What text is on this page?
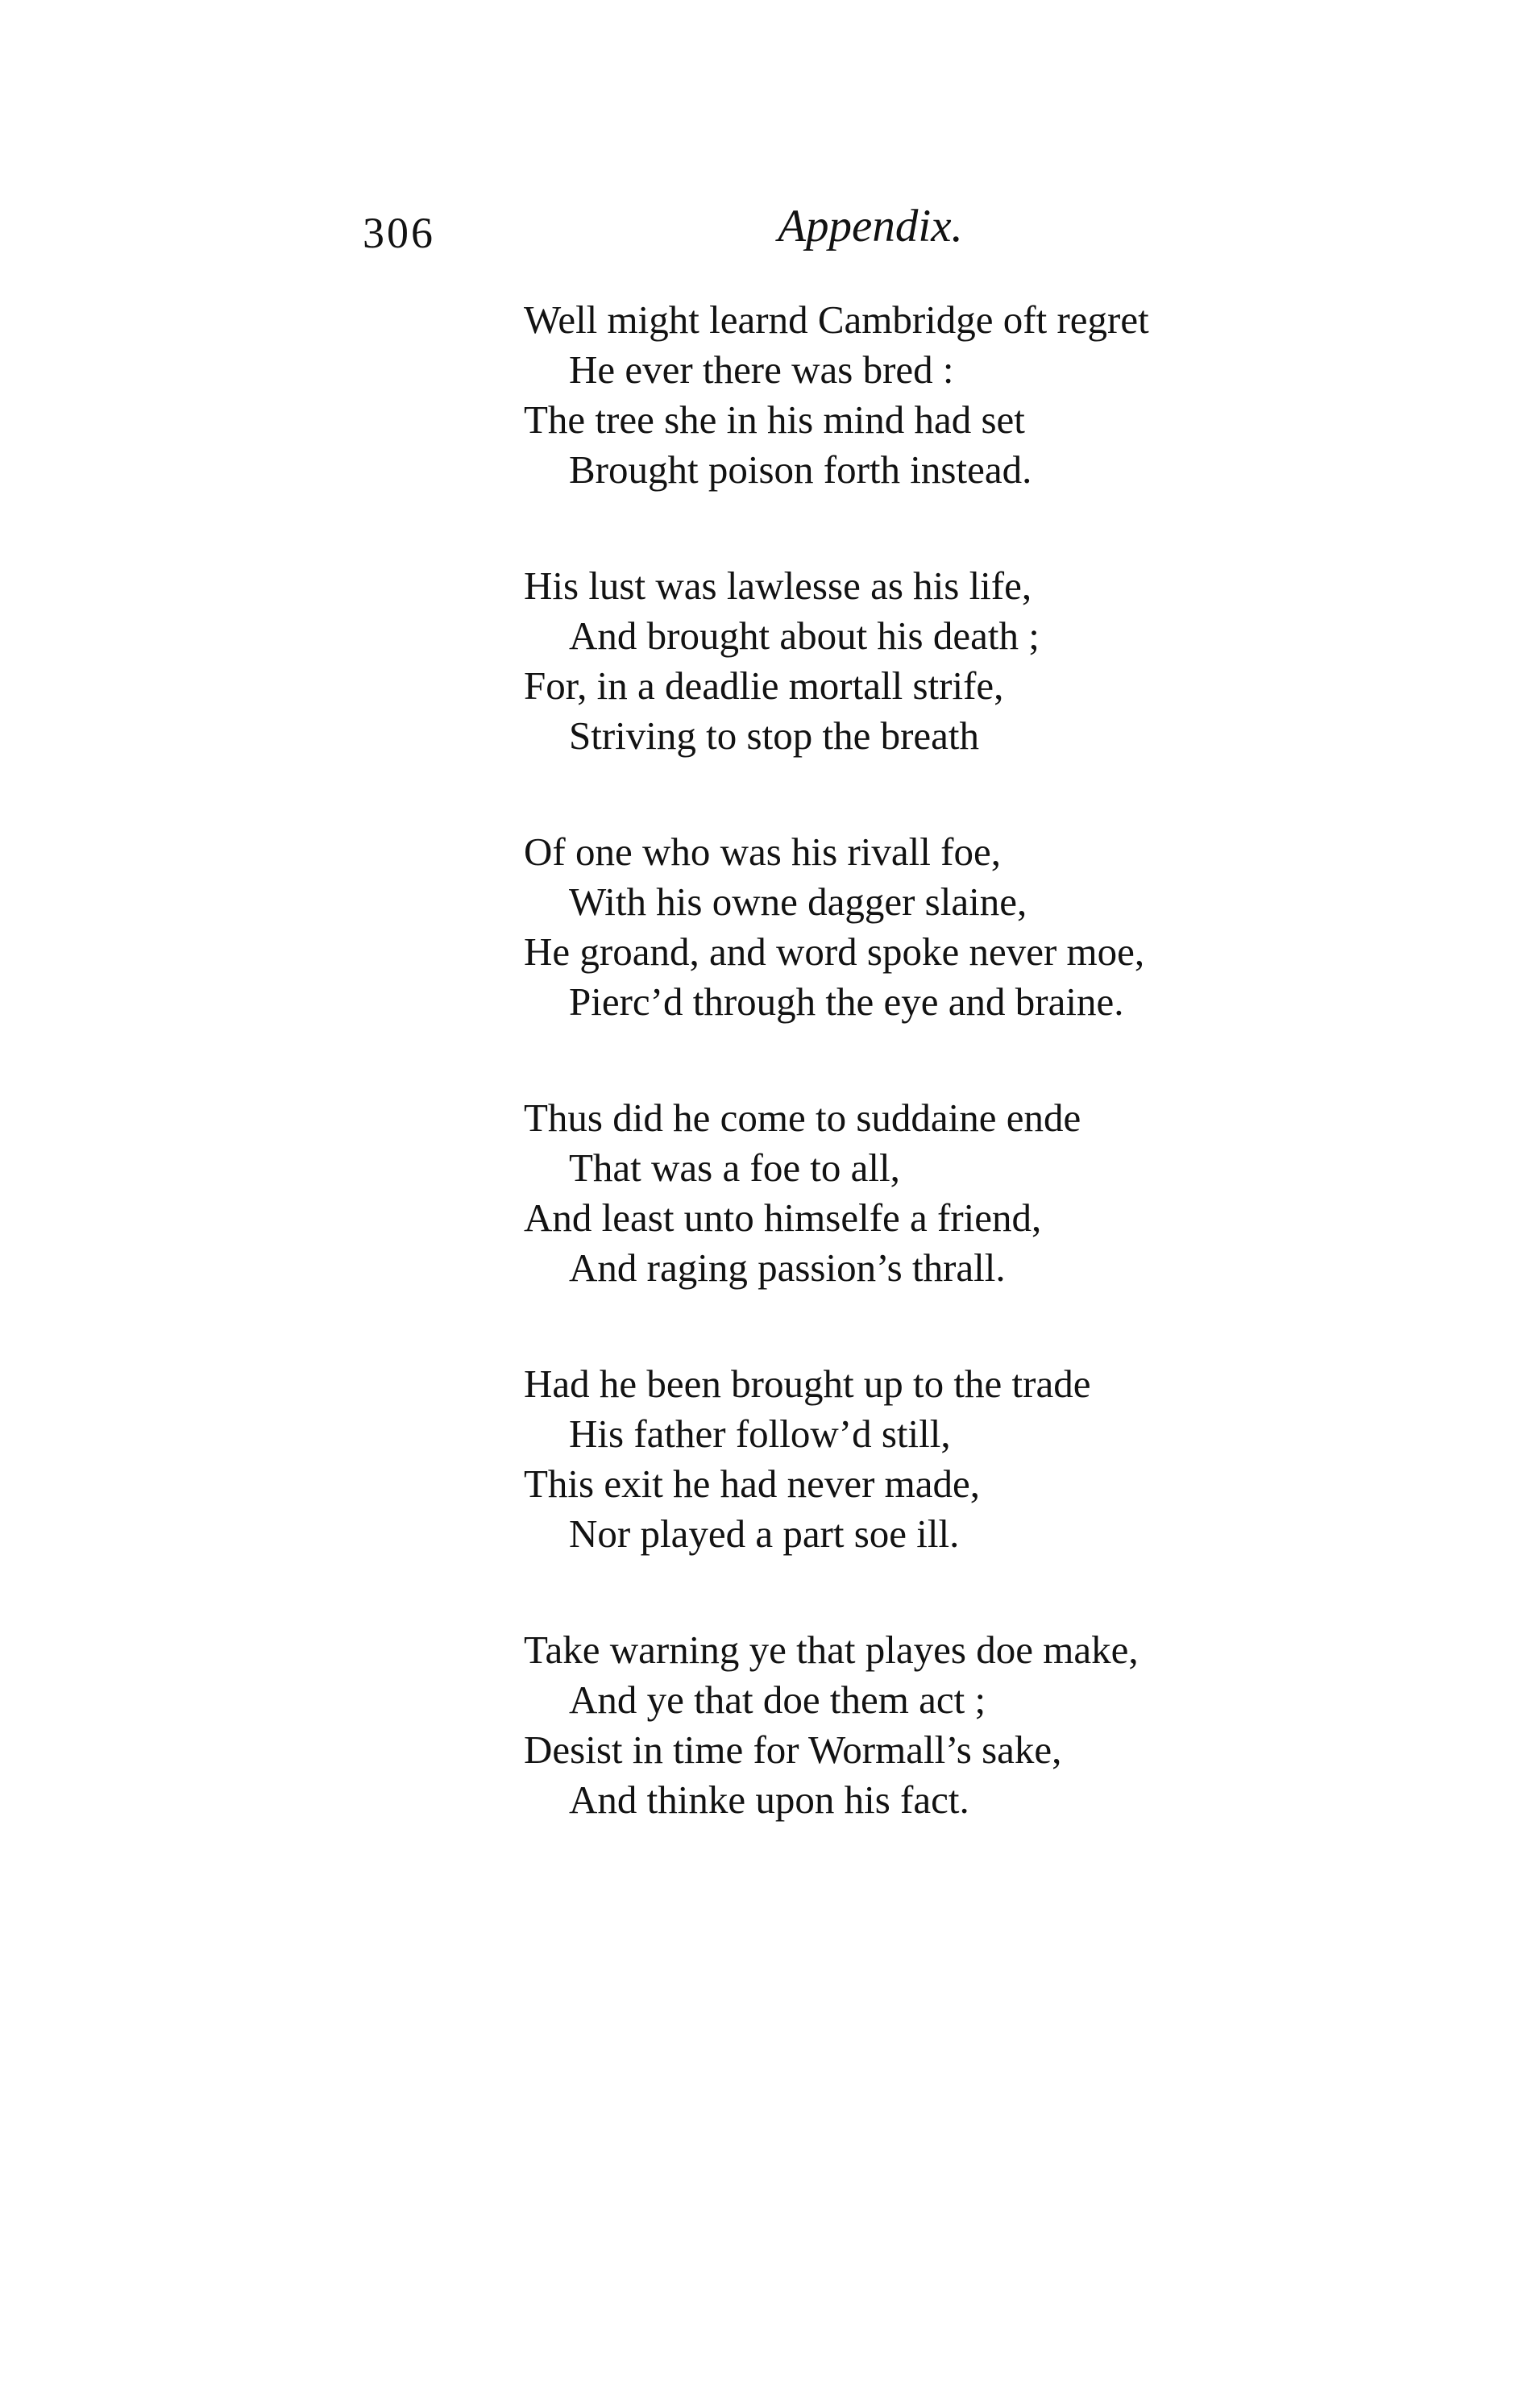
306	Appendix.
Well might learnd Cambridge oft regret
He ever there was bred :
The tree she in his mind had set
Brought poison forth instead.
His lust was lawlesse as his life,
And brought about his death ;
For, in a deadlie mortall strife,
Striving to stop the breath
Of one who was his rivall foe,
With his owne dagger slaine,
He groand, and word spoke never moe,
Pierc’d through the eye and braine.
Thus did he come to suddaine ende
That was a foe to all,
And least unto himselfe a friend,
And raging passion’s thrall.
Had he been brought up to the trade
His father follow’d still,
This exit he had never made,
Nor played a part soe ill.
Take warning ye that playes doe make,
And ye that doe them act ;
Desist in time for Wormall’s sake,
And thinke upon his fact.
